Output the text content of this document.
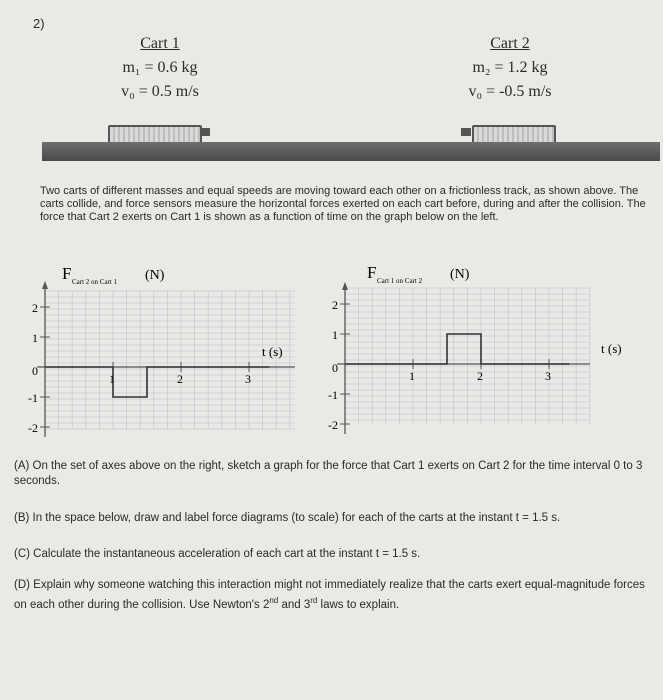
2)
Cart 1
m₁ = 0.6 kg
v₀ = 0.5 m/s
Cart 2
m₂ = 1.2 kg
v₀ = -0.5 m/s
Two carts of different masses and equal speeds are moving toward each other on a frictionless track, as shown above. The carts collide, and force sensors measure the horizontal forces exerted on each cart before, during and after the collision. The force that Cart 2 exerts on Cart 1 is shown as a function of time on the graph below on the left.
2
1
0
-1
-2
1	2	3
F Cart 2 on Cart 1 (N)
t (s)
2
1
0
-1
-2
1	2	3
F Cart 1 on Cart 2 (N)
t (s)
(A) On the set of axes above on the right, sketch a graph for the force that Cart 1 exerts on Cart 2 for the time interval 0 to 3 seconds.
(B) In the space below, draw and label force diagrams (to scale) for each of the carts at the instant t = 1.5 s.
(C) Calculate the instantaneous acceleration of each cart at the instant t = 1.5 s.
(D) Explain why someone watching this interaction might not immediately realize that the carts exert equal-magnitude forces on each other during the collision. Use Newton's 2nd and 3rd laws to explain.
